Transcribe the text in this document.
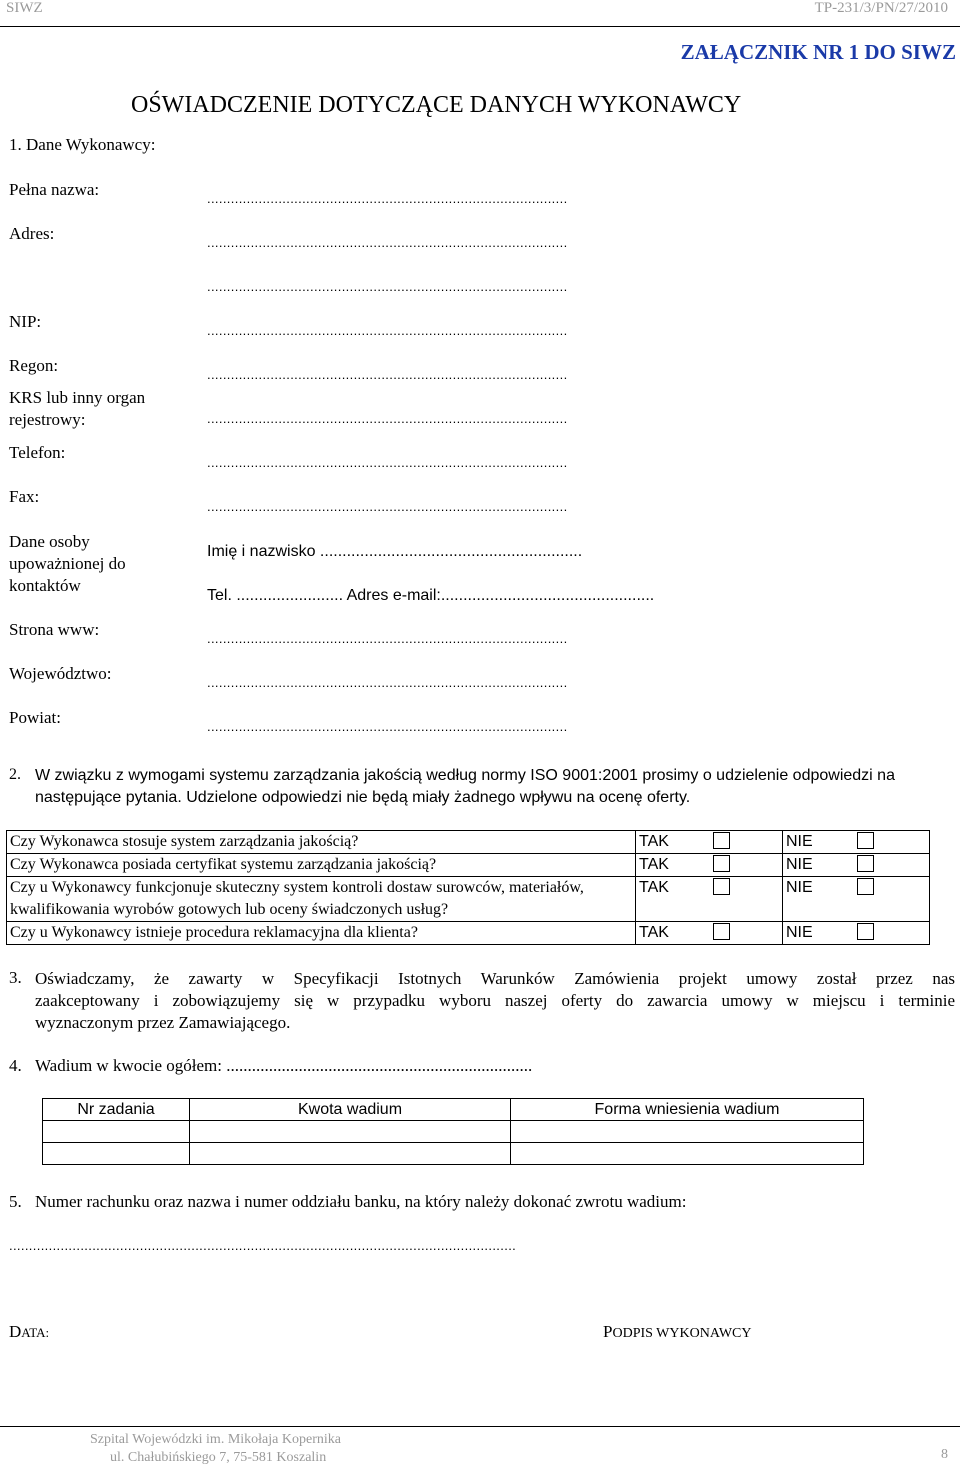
SIWZ	TP-231/3/PN/27/2010
ZAŁĄCZNIK NR 1 DO SIWZ
OŚWIADCZENIE DOTYCZĄCE DANYCH WYKONAWCY
1. Dane Wykonawcy:
Pełna nazwa:	...........................................................................................
Adres:	...........................................................................................
...........................................................................................
NIP:	...........................................................................................
Regon:	...........................................................................................
KRS lub inny organ
rejestrowy:	...........................................................................................
Telefon:
...........................................................................................
Fax:
...........................................................................................
Dane osoby
upoważnionej do
kontaktów
Imię i nazwisko ...........................................................
Tel. ........................ Adres e-mail:................................................
Strona www:	...........................................................................................
Województwo:	...........................................................................................
Powiat:	...........................................................................................
2. W związku z wymogami systemu zarządzania jakością według normy ISO 9001:2001 prosimy o udzielenie odpowiedzi na
następujące pytania. Udzielone odpowiedzi nie będą miały żadnego wpływu na ocenę oferty.
Czy Wykonawca stosuje system zarządzania jakością?	TAK	NIE
Czy Wykonawca posiada certyfikat systemu zarządzania jakością?	TAK	NIE
Czy u Wykonawcy funkcjonuje skuteczny system kontroli dostaw surowców, materiałów, kwalifikowania wyrobów gotowych lub oceny świadczonych usług?	TAK	NIE
Czy u Wykonawcy istnieje procedura reklamacyjna dla klienta?	TAK	NIE
3. Oświadczamy, że zawarty w Specyfikacji Istotnych Warunków Zamówienia projekt umowy został przez nas
zaakceptowany i zobowiązujemy się w przypadku wyboru naszej oferty do zawarcia umowy w miejscu i terminie
wyznaczonym przez Zamawiającego.
4. Wadium w kwocie ogółem: ........................................................................
Nr zadania	Kwota wadium	Forma wniesienia wadium

5. Numer rachunku oraz nazwa i numer oddziału banku, na który należy dokonać zwrotu wadium:
................................................................................................................................
DATA:	PODPIS WYKONAWCY
Szpital Wojewódzki im. Mikołaja Kopernika
ul. Chałubińskiego 7, 75-581 Koszalin	8
